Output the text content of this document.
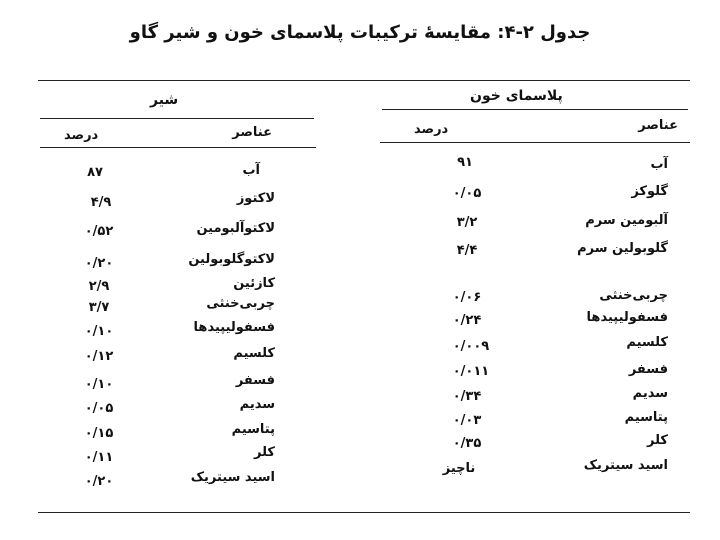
جدول ۲-۴: مقایسهٔ ترکیبات پلاسمای خون و شیر گاو
پلاسمای خون
شیر
عناصر
درصد
عناصر
درصد
آب
۹۱
گلوکز
۰/۰۵
آلبومین سرم
۳/۲
گلوبولین سرم
۴/۴
چربی‌خنثی
۰/۰۶
فسفولیپیدها
۰/۲۴
کلسیم
۰/۰۰۹
فسفر
۰/۰۱۱
سدیم
۰/۳۴
پتاسیم
۰/۰۳
کلر
۰/۳۵
اسید سیتریک
ناچیز
آب
۸۷
لاکتوز
۴/۹
لاکتوآلبومین
۰/۵۲
لاکتوگلوبولین
۰/۲۰
کازئین
۲/۹
چربی‌خنثی
۳/۷
فسفولیپیدها
۰/۱۰
کلسیم
۰/۱۲
فسفر
۰/۱۰
سدیم
۰/۰۵
پتاسیم
۰/۱۵
کلر
۰/۱۱
اسید سیتریک
۰/۲۰
